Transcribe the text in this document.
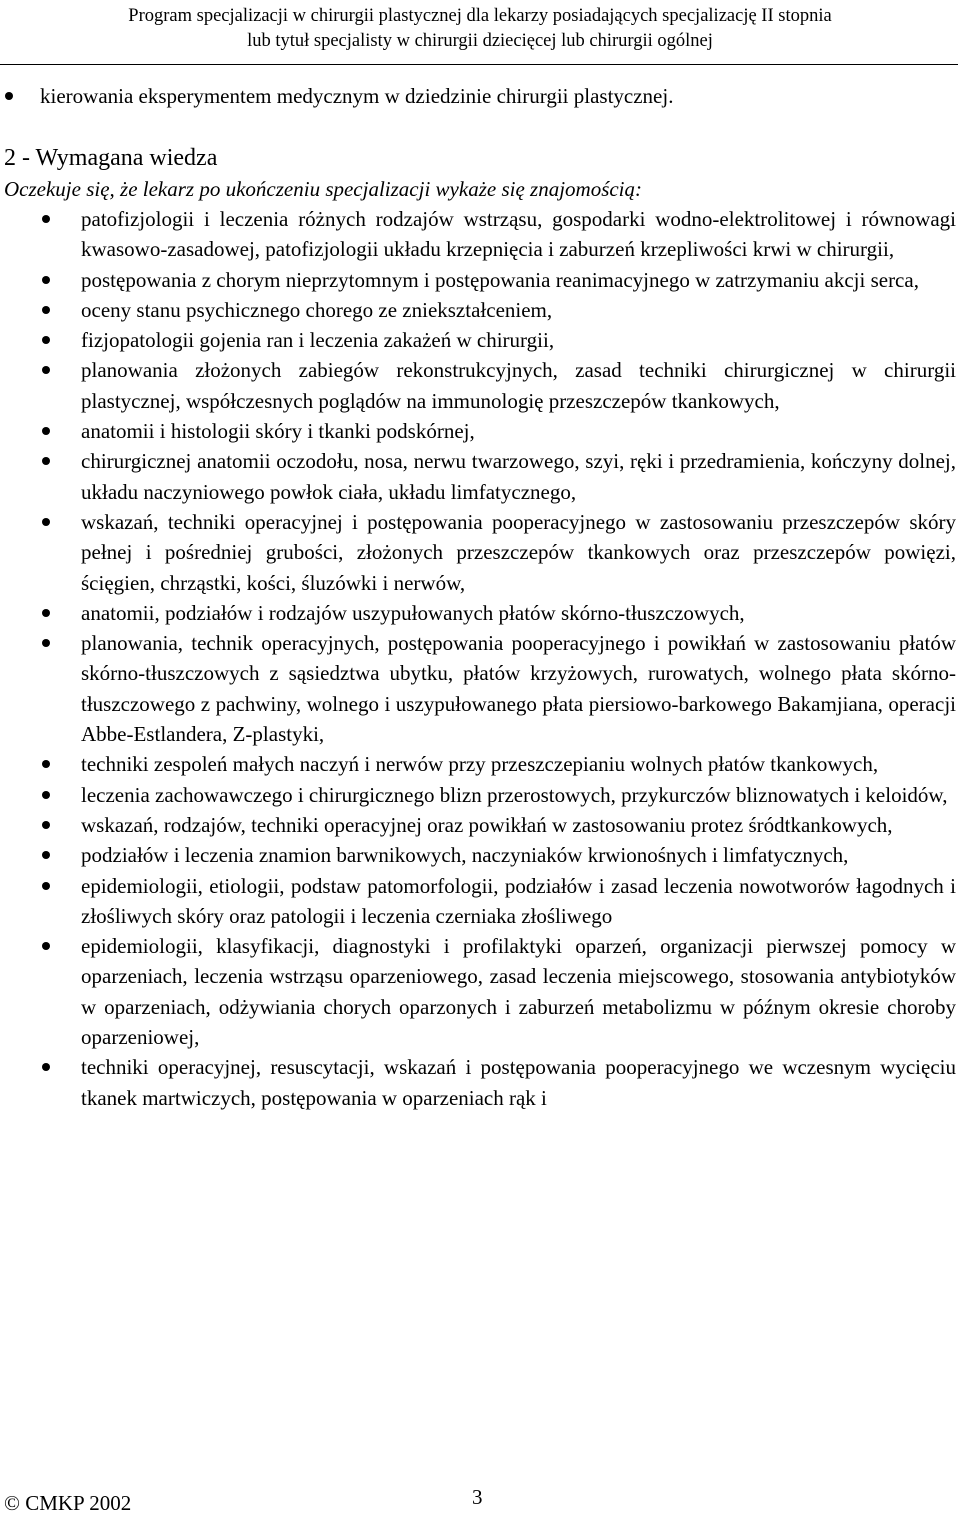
Program specjalizacji w chirurgii plastycznej dla lekarzy posiadających specjalizację II stopnia
lub tytuł specjalisty w chirurgii dziecięcej lub chirurgii ogólnej
kierowania eksperymentem medycznym w dziedzinie chirurgii plastycznej.
2 - Wymagana wiedza

Oczekuje się, że lekarz po ukończeniu specjalizacji wykaże się znajomością:

patofizjologii i leczenia różnych rodzajów wstrząsu, gospodarki wodno-elektrolitowej i równowagi kwasowo-zasadowej, patofizjologii układu krzepnięcia i zaburzeń krzepliwości krwi w chirurgii,
postępowania z chorym nieprzytomnym i postępowania reanimacyjnego w zatrzymaniu akcji serca,
oceny stanu psychicznego chorego ze zniekształceniem,
fizjopatologii gojenia ran i leczenia zakażeń w chirurgii,
planowania złożonych zabiegów rekonstrukcyjnych, zasad techniki chirurgicznej w chirurgii plastycznej, współczesnych poglądów na immunologię przeszczepów tkankowych,
anatomii i histologii skóry i tkanki podskórnej,
chirurgicznej anatomii oczodołu, nosa, nerwu twarzowego, szyi, ręki i przedramienia, kończyny dolnej, układu naczyniowego powłok ciała, układu limfatycznego,
wskazań, techniki operacyjnej i postępowania pooperacyjnego w zastosowaniu przeszczepów skóry pełnej i pośredniej grubości, złożonych przeszczepów tkankowych oraz przeszczepów powięzi, ścięgien, chrząstki, kości, śluzówki i nerwów,
anatomii, podziałów i rodzajów uszypułowanych płatów skórno-tłuszczowych,
planowania, technik operacyjnych, postępowania pooperacyjnego i powikłań w zastosowaniu płatów skórno-tłuszczowych z sąsiedztwa ubytku, płatów krzyżowych, rurowatych, wolnego płata skórno-tłuszczowego z pachwiny, wolnego i uszypułowanego płata piersiowo-barkowego Bakamjiana, operacji Abbe-Estlandera, Z-plastyki,
techniki zespoleń małych naczyń i nerwów przy przeszczepianiu wolnych płatów tkankowych,
leczenia zachowawczego i chirurgicznego blizn przerostowych, przykurczów bliznowatych i keloidów,
wskazań, rodzajów, techniki operacyjnej oraz powikłań w zastosowaniu protez śródtkankowych,
podziałów i leczenia znamion barwnikowych, naczyniaków krwionośnych i limfatycznych,
epidemiologii, etiologii, podstaw patomorfologii, podziałów i zasad leczenia nowotworów łagodnych i złośliwych skóry oraz patologii i leczenia czerniaka złośliwego
epidemiologii, klasyfikacji, diagnostyki i profilaktyki oparzeń, organizacji pierwszej pomocy w oparzeniach, leczenia wstrząsu oparzeniowego, zasad leczenia miejscowego, stosowania antybiotyków w oparzeniach, odżywiania chorych oparzonych i zaburzeń metabolizmu w późnym okresie choroby oparzeniowej,
techniki operacyjnej, resuscytacji, wskazań i postępowania pooperacyjnego we wczesnym wycięciu tkanek martwiczych, postępowania w oparzeniach rąk i
© CMKP 2002	3
